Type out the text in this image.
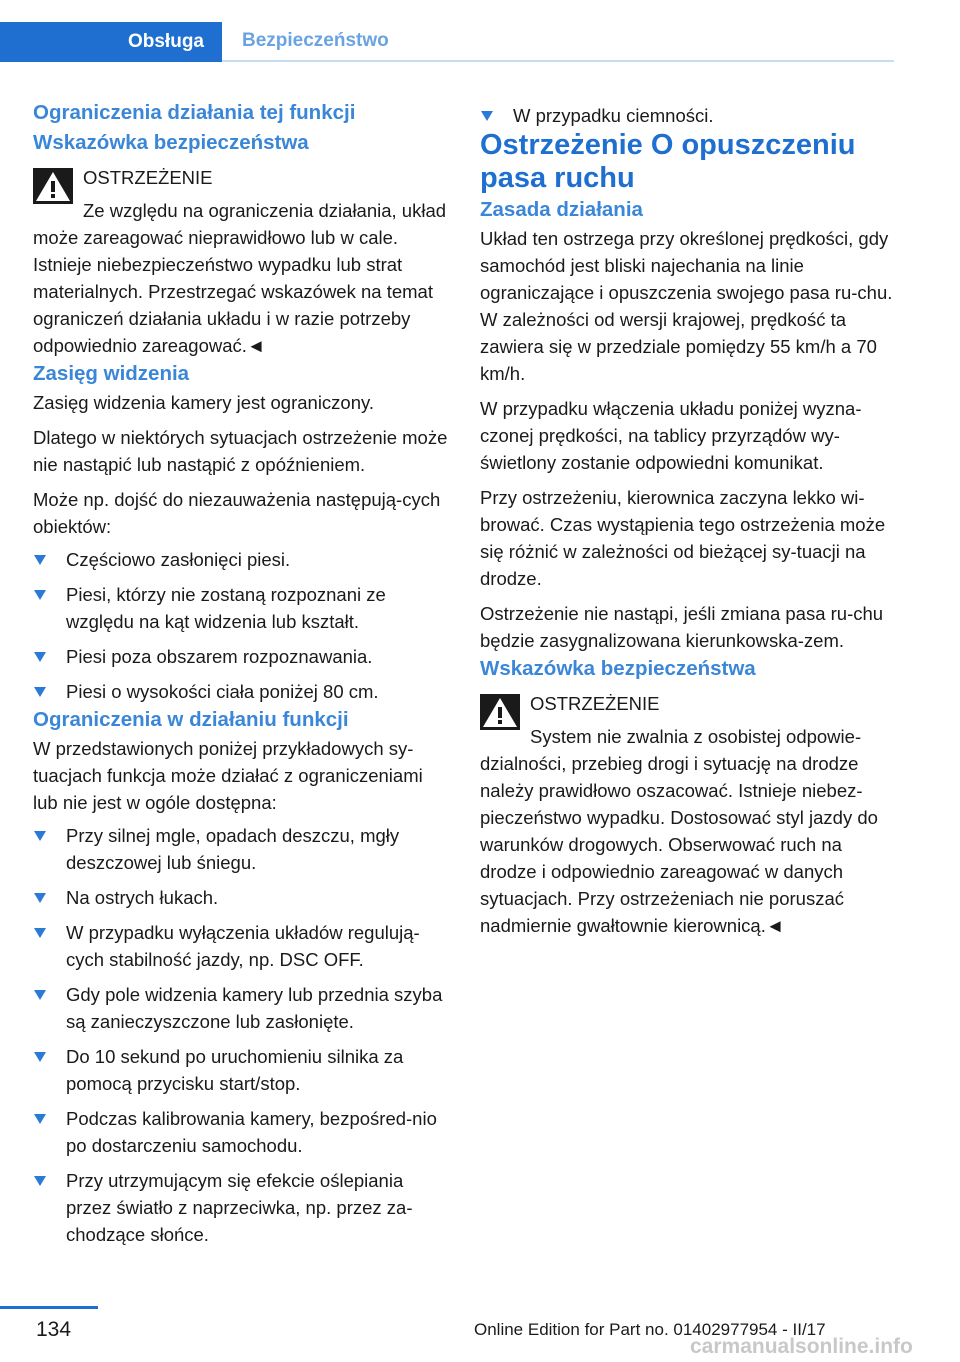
Obsługa	Bezpieczeństwo
Ograniczenia działania tej funkcji
Wskazówka bezpieczeństwa

OSTRZEŻENIE

Ze względu na ograniczenia działania, układ może zareagować nieprawidłowo lub w cale. Istnieje niebezpieczeństwo wypadku lub strat materialnych. Przestrzegać wskazówek na temat ograniczeń działania układu i w razie potrzeby odpowiednio zareagować.◄

Zasięg widzenia

Zasięg widzenia kamery jest ograniczony.

Dlatego w niektórych sytuacjach ostrzeżenie może nie nastąpić lub nastąpić z opóźnieniem.

Może np. dojść do niezauważenia następują-cych obiektów:

Częściowo zasłonięci piesi.
Piesi, którzy nie zostaną rozpoznani ze względu na kąt widzenia lub kształt.
Piesi poza obszarem rozpoznawania.
Piesi o wysokości ciała poniżej 80 cm.
Ograniczenia w działaniu funkcji

W przedstawionych poniżej przykładowych sy-tuacjach funkcja może działać z ograniczeniami lub nie jest w ogóle dostępna:

Przy silnej mgle, opadach deszczu, mgły deszczowej lub śniegu.
Na ostrych łukach.
W przypadku wyłączenia układów regulują-cych stabilność jazdy, np. DSC OFF.
Gdy pole widzenia kamery lub przednia szyba są zanieczyszczone lub zasłonięte.
Do 10 sekund po uruchomieniu silnika za pomocą przycisku start/stop.
Podczas kalibrowania kamery, bezpośred-nio po dostarczeniu samochodu.
Przy utrzymującym się efekcie oślepiania przez światło z naprzeciwka, np. przez za-chodzące słońce.
W przypadku ciemności.
Ostrzeżenie O opuszczeniu pasa ruchu
Zasada działania

Układ ten ostrzega przy określonej prędkości, gdy samochód jest bliski najechania na linie ograniczające i opuszczenia swojego pasa ru-chu. W zależności od wersji krajowej, prędkość ta zawiera się w przedziale pomiędzy 55 km/h a 70 km/h.

W przypadku włączenia układu poniżej wyzna-czonej prędkości, na tablicy przyrządów wy-świetlony zostanie odpowiedni komunikat.

Przy ostrzeżeniu, kierownica zaczyna lekko wi-brować. Czas wystąpienia tego ostrzeżenia może się różnić w zależności od bieżącej sy-tuacji na drodze.

Ostrzeżenie nie nastąpi, jeśli zmiana pasa ru-chu będzie zasygnalizowana kierunkowska-zem.

Wskazówka bezpieczeństwa

OSTRZEŻENIE

System nie zwalnia z osobistej odpowie-dzialności, przebieg drogi i sytuację na drodze należy prawidłowo oszacować. Istnieje niebez-pieczeństwo wypadku. Dostosować styl jazdy do warunków drogowych. Obserwować ruch na drodze i odpowiednio zareagować w danych sytuacjach. Przy ostrzeżeniach nie poruszać nadmiernie gwałtownie kierownicą.◄

134	Online Edition for Part no. 01402977954 - II/17
carmanualsonline.info
